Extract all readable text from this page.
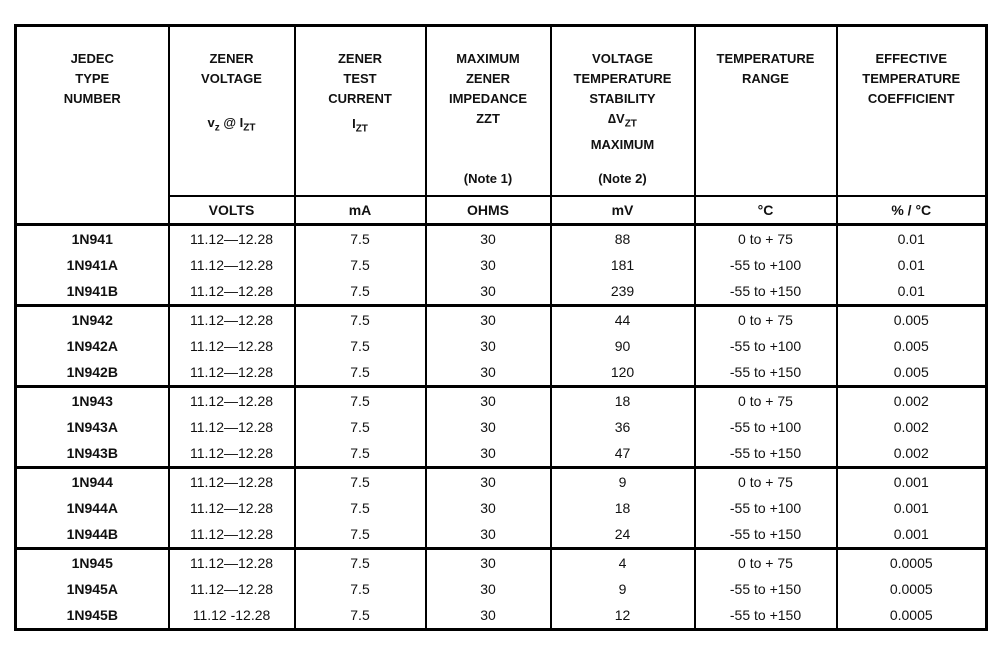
JEDEC
TYPE
NUMBER

ZENER
VOLTAGE
$v_z$ @ $I_{ZT}$

ZENER
TEST
CURRENT
$I_{ZT}$

MAXIMUM
ZENER
IMPEDANCE
ZZT
(Note 1)

VOLTAGE
TEMPERATURE
STABILITY
$\Delta V_{ZT}$
MAXIMUM
(Note 2)

TEMPERATURE
RANGE

EFFECTIVE
TEMPERATURE
COEFFICIENT

	VOLTS	mA	OHMS	mV	°C	% / °C
1N941	11.12—12.28	7.5	30	88	0 to + 75	0.01
1N941A	11.12—12.28	7.5	30	181	-55 to +100	0.01
1N941B	11.12—12.28	7.5	30	239	-55 to +150	0.01
1N942	11.12—12.28	7.5	30	44	0 to + 75	0.005
1N942A	11.12—12.28	7.5	30	90	-55 to +100	0.005
1N942B	11.12—12.28	7.5	30	120	-55 to +150	0.005
1N943	11.12—12.28	7.5	30	18	0 to + 75	0.002
1N943A	11.12—12.28	7.5	30	36	-55 to +100	0.002
1N943B	11.12—12.28	7.5	30	47	-55 to +150	0.002
1N944	11.12—12.28	7.5	30	9	0 to + 75	0.001
1N944A	11.12—12.28	7.5	30	18	-55 to +100	0.001
1N944B	11.12—12.28	7.5	30	24	-55 to +150	0.001
1N945	11.12—12.28	7.5	30	4	0 to + 75	0.0005
1N945A	11.12—12.28	7.5	30	9	-55 to +150	0.0005
1N945B	11.12 -12.28	7.5	30	12	-55 to +150	0.0005
